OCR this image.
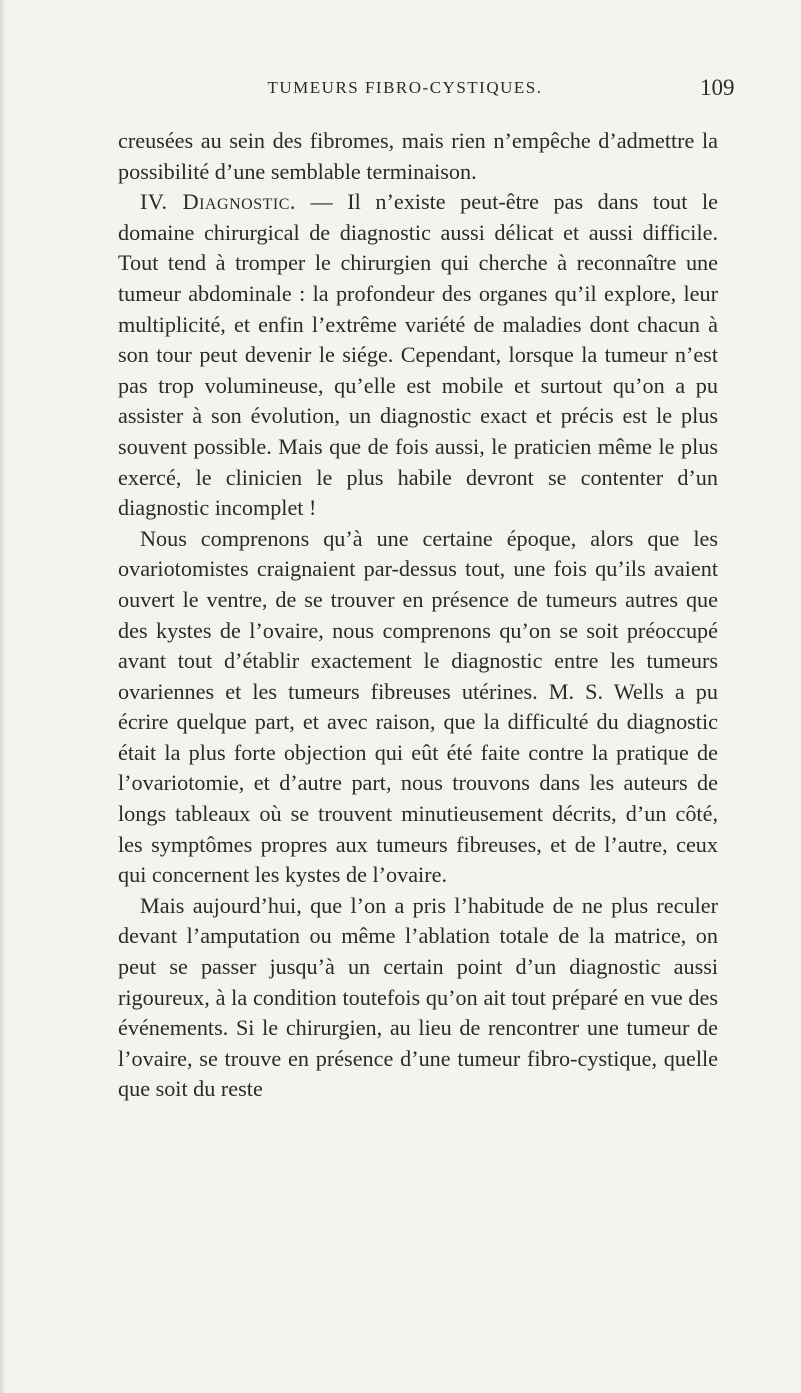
TUMEURS FIBRO-CYSTIQUES.	109

creusées au sein des fibromes, mais rien n’empêche d’admettre la possibilité d’une semblable terminaison.

IV. Diagnostic. — Il n’existe peut-être pas dans tout le domaine chirurgical de diagnostic aussi délicat et aussi difficile. Tout tend à tromper le chirurgien qui cherche à reconnaître une tumeur abdominale : la profondeur des organes qu’il explore, leur multiplicité, et enfin l’extrême variété de maladies dont chacun à son tour peut devenir le siége. Cependant, lorsque la tumeur n’est pas trop volumineuse, qu’elle est mobile et surtout qu’on a pu assister à son évolution, un diagnostic exact et précis est le plus souvent possible. Mais que de fois aussi, le praticien même le plus exercé, le clinicien le plus habile devront se contenter d’un diagnostic incomplet !

Nous comprenons qu’à une certaine époque, alors que les ovariotomistes craignaient par-dessus tout, une fois qu’ils avaient ouvert le ventre, de se trouver en présence de tumeurs autres que des kystes de l’ovaire, nous comprenons qu’on se soit préoccupé avant tout d’établir exactement le diagnostic entre les tumeurs ovariennes et les tumeurs fibreuses utérines. M. S. Wells a pu écrire quelque part, et avec raison, que la difficulté du diagnostic était la plus forte objection qui eût été faite contre la pratique de l’ovariotomie, et d’autre part, nous trouvons dans les auteurs de longs tableaux où se trouvent minutieusement décrits, d’un côté, les symptômes propres aux tumeurs fibreuses, et de l’autre, ceux qui concernent les kystes de l’ovaire.

Mais aujourd’hui, que l’on a pris l’habitude de ne plus reculer devant l’amputation ou même l’ablation totale de la matrice, on peut se passer jusqu’à un certain point d’un diagnostic aussi rigoureux, à la condition toutefois qu’on ait tout préparé en vue des événements. Si le chirurgien, au lieu de rencontrer une tumeur de l’ovaire, se trouve en présence d’une tumeur fibro-cystique, quelle que soit du reste
